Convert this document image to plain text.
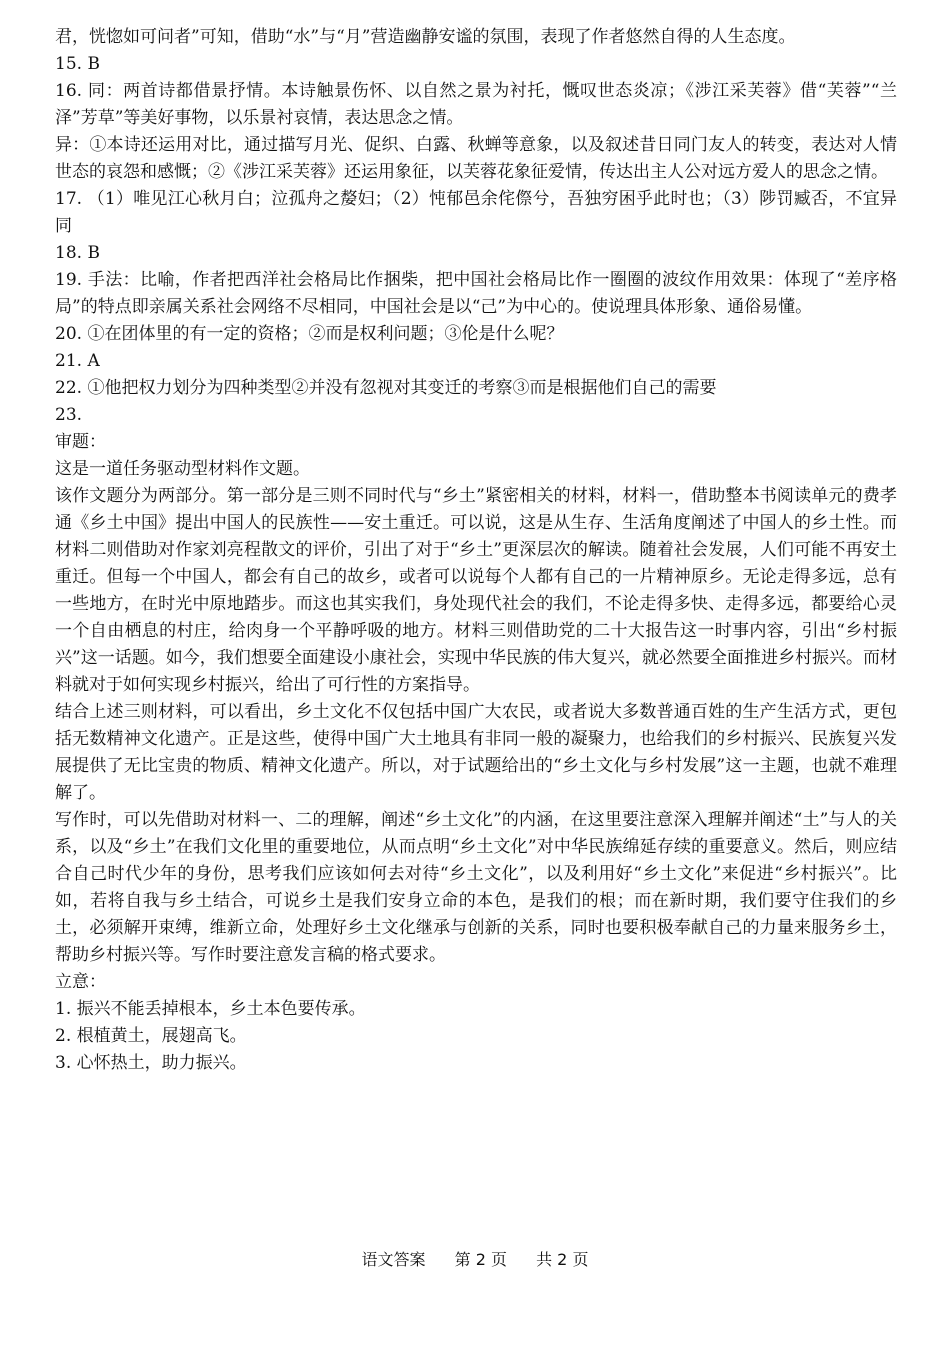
君，恍惚如可问者”可知，借助“水”与“月”营造幽静安谧的氛围，表现了作者悠然自得的人生态度。

15. B

16. 同：两首诗都借景抒情。本诗触景伤怀、以自然之景为衬托，慨叹世态炎凉；《涉江采芙蓉》借“芙蓉”“兰泽”芳草”等美好事物，以乐景衬哀情，表达思念之情。

异：①本诗还运用对比，通过描写月光、促织、白露、秋蝉等意象，以及叙述昔日同门友人的转变，表达对人情世态的哀怨和感慨；②《涉江采芙蓉》还运用象征，以芙蓉花象征爱情，传达出主人公对远方爱人的思念之情。

17. （1）唯见江心秋月白；泣孤舟之嫠妇；（2）忳郁邑余侘傺兮，吾独穷困乎此时也；（3）陟罚臧否，不宜异同

18. B

19. 手法：比喻，作者把西洋社会格局比作捆柴，把中国社会格局比作一圈圈的波纹作用效果：体现了“差序格局”的特点即亲属关系社会网络不尽相同，中国社会是以“己”为中心的。使说理具体形象、通俗易懂。

20. ①在团体里的有一定的资格；②而是权利问题；③伦是什么呢？

21. A

22. ①他把权力划分为四种类型②并没有忽视对其变迁的考察③而是根据他们自己的需要

23.

审题：

这是一道任务驱动型材料作文题。

该作文题分为两部分。第一部分是三则不同时代与“乡土”紧密相关的材料，材料一，借助整本书阅读单元的费孝通《乡土中国》提出中国人的民族性——安土重迁。可以说，这是从生存、生活角度阐述了中国人的乡土性。而材料二则借助对作家刘亮程散文的评价，引出了对于“乡土”更深层次的解读。随着社会发展，人们可能不再安土重迁。但每一个中国人，都会有自己的故乡，或者可以说每个人都有自己的一片精神原乡。无论走得多远，总有一些地方，在时光中原地踏步。而这也其实我们，身处现代社会的我们，不论走得多快、走得多远，都要给心灵一个自由栖息的村庄，给肉身一个平静呼吸的地方。材料三则借助党的二十大报告这一时事内容，引出“乡村振兴”这一话题。如今，我们想要全面建设小康社会，实现中华民族的伟大复兴，就必然要全面推进乡村振兴。而材料就对于如何实现乡村振兴，给出了可行性的方案指导。

结合上述三则材料，可以看出，乡土文化不仅包括中国广大农民，或者说大多数普通百姓的生产生活方式，更包括无数精神文化遗产。正是这些，使得中国广大土地具有非同一般的凝聚力，也给我们的乡村振兴、民族复兴发展提供了无比宝贵的物质、精神文化遗产。所以，对于试题给出的“乡土文化与乡村发展”这一主题，也就不难理解了。

写作时，可以先借助对材料一、二的理解，阐述“乡土文化”的内涵，在这里要注意深入理解并阐述“土”与人的关系，以及“乡土”在我们文化里的重要地位，从而点明“乡土文化”对中华民族绵延存续的重要意义。然后，则应结合自己时代少年的身份，思考我们应该如何去对待“乡土文化”，以及利用好“乡土文化”来促进“乡村振兴”。比如，若将自我与乡土结合，可说乡土是我们安身立命的本色，是我们的根；而在新时期，我们要守住我们的乡土，必须解开束缚，维新立命，处理好乡土文化继承与创新的关系，同时也要积极奉献自己的力量来服务乡土，帮助乡村振兴等。写作时要注意发言稿的格式要求。

立意：

1. 振兴不能丢掉根本，乡土本色要传承。

2. 根植黄土，展翅高飞。

3. 心怀热土，助力振兴。

语文答案 第 2 页 共 2 页
